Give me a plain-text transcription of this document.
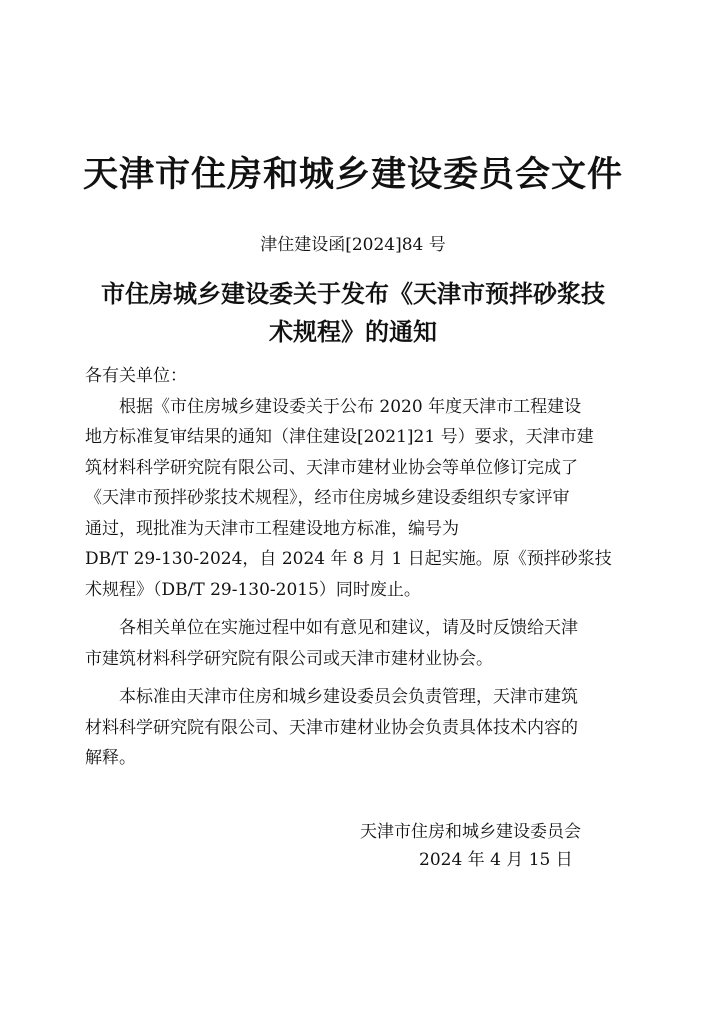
天津市住房和城乡建设委员会文件
津住建设函[2024]84 号
市住房城乡建设委关于发布《天津市预拌砂浆技
术规程》的通知
各有关单位：
根据《市住房城乡建设委关于公布 2020 年度天津市工程建设
地方标准复审结果的通知（津住建设[2021]21 号）要求，天津市建
筑材料科学研究院有限公司、天津市建材业协会等单位修订完成了
《天津市预拌砂浆技术规程》，经市住房城乡建设委组织专家评审
通过，现批准为天津市工程建设地方标准，编号为
DB/T 29-130-2024，自 2024 年 8 月 1 日起实施。原《预拌砂浆技
术规程》（DB/T 29-130-2015）同时废止。
各相关单位在实施过程中如有意见和建议，请及时反馈给天津
市建筑材料科学研究院有限公司或天津市建材业协会。
本标准由天津市住房和城乡建设委员会负责管理，天津市建筑
材料科学研究院有限公司、天津市建材业协会负责具体技术内容的
解释。
天津市住房和城乡建设委员会
2024 年 4 月 15 日
